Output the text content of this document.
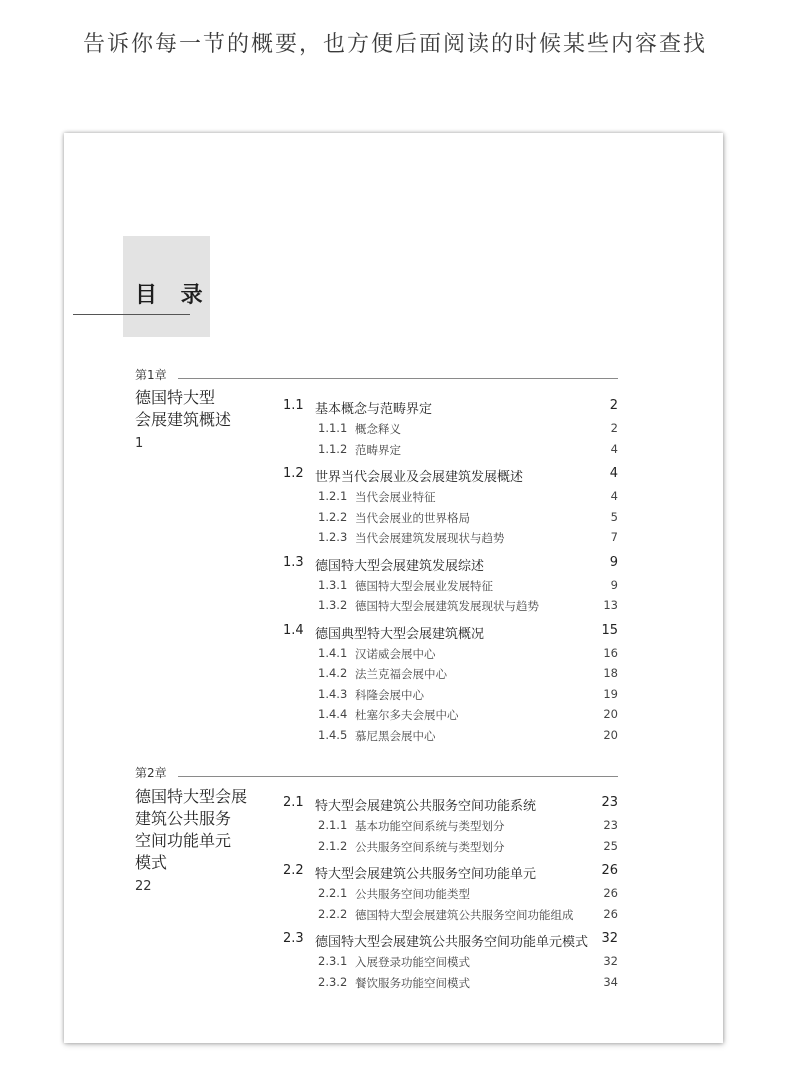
告诉你每一节的概要，也方便后面阅读的时候某些内容查找
目 录
第1章
德国特大型
会展建筑概述
1
1.1 基本概念与范畴界定	2
1.1.1 概念释义	2
1.1.2 范畴界定	4
1.2 世界当代会展业及会展建筑发展概述	4
1.2.1 当代会展业特征	4
1.2.2 当代会展业的世界格局	5
1.2.3 当代会展建筑发展现状与趋势	7
1.3 德国特大型会展建筑发展综述	9
1.3.1 德国特大型会展业发展特征	9
1.3.2 德国特大型会展建筑发展现状与趋势	13
1.4 德国典型特大型会展建筑概况	15
1.4.1 汉诺威会展中心	16
1.4.2 法兰克福会展中心	18
1.4.3 科隆会展中心	19
1.4.4 杜塞尔多夫会展中心	20
1.4.5 慕尼黑会展中心	20
第2章
德国特大型会展
建筑公共服务
空间功能单元
模式
22
2.1 特大型会展建筑公共服务空间功能系统	23
2.1.1 基本功能空间系统与类型划分	23
2.1.2 公共服务空间系统与类型划分	25
2.2 特大型会展建筑公共服务空间功能单元	26
2.2.1 公共服务空间功能类型	26
2.2.2 德国特大型会展建筑公共服务空间功能组成	26
2.3 德国特大型会展建筑公共服务空间功能单元模式	32
2.3.1 入展登录功能空间模式	32
2.3.2 餐饮服务功能空间模式	34
